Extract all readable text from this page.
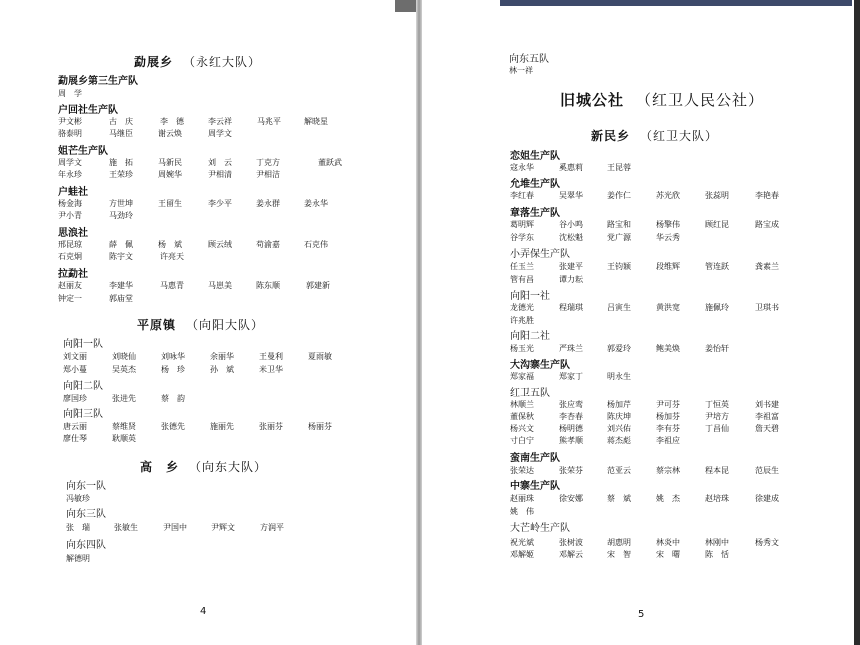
勐展乡 （永红大队）
勐展乡第三生产队
周　学
户回社生产队
尹文彬	古　庆	李　德	李云祥	马兆平	解晓星
骆泰明	马继臣	谢云焕	周学文
姐芒生产队
周学文	施　拓	马新民	刘　云	丁克方	董跃武
年永珍	王荣珍	周婉华	尹相清	尹相洁
户蛙社
杨金海	方世坤	王留生	李少平	姜永群	姜永华
尹小青	马劲玲
思浪社
邢昆琼	薛　佩	杨　斌	顾云绒	苟渝嘉	石克伟
石克炯	陈宇文	许亮天
拉勐社
赵丽友	李建华	马惠青	马崽美	陈东顺	郭建新
钟定一	郭庙堂
平原镇 （向阳大队）
向阳一队
刘文丽	刘晓仙	刘咏华	余丽华	王曼利	夏雨敏
郑小蔓	吴英杰	杨　珍	孙　斌	米卫华
向阳二队
廖国珍	张进先	蔡　韵
向阳三队
唐云丽	蔡维贤	张德先	施丽先	张丽芬	杨丽芬
廖仕琴	耿顺英
高　乡 （向东大队）
向东一队
冯敏珍
向东三队
张　瑞	张敏生	尹国中	尹辉文	方润平
向东四队
解德明
4
向东五队
林一祥
旧城公社 （红卫人民公社）
新民乡 （红卫大队）
恋姐生产队
寇永华	奚惠莉	王昆蓉
允堆生产队
李红春	吴翠华	姜作仁	苏光欣	张蕊明	李艳春
章落生产队
葛明辉	谷小鸣	路宝和	杨擎伟	顾红昆	路宝成
谷学东	沈松魁	党广源	华云秀
小弄保生产队
任玉兰	张建平	王钧颖	段维辉	管连跃	龚素兰
管有昌	谭力耘
向阳一社
龙德光	程瑞琪	吕寅生	黄洪宽	施佩玲	卫琪书
许兆胜
向阳二社
杨玉光	严珠兰	郭爱玲	鲍美焕	姜怡轩
大沟寨生产队
郑家福	郑家丁	明永生
红卫五队
林顺兰	张应鸾	杨加芹	尹可芬	丁恒英	刘书建
董保秋	李杏春	陈庆坤	杨加芬	尹培方	李祖富
杨兴文	杨明德	刘兴佑	李有芬	丁昌仙	詹天碧
寸白宁	熊孝顺	蒋杰彪	李祖应
蛮南生产队
张荣达	张荣芬	范亚云	蔡宗林	程本昆	范辰生
中寨生产队
赵丽珠	徐安娜	蔡　斌	姚　杰	赵培珠	徐建成
姚　伟
大芒岭生产队
祝光斌	张树波	胡惠明	林炎中	林刚中	杨秀文
邓解姬	邓解云	宋　智	宋　曙	陈　恬
5
